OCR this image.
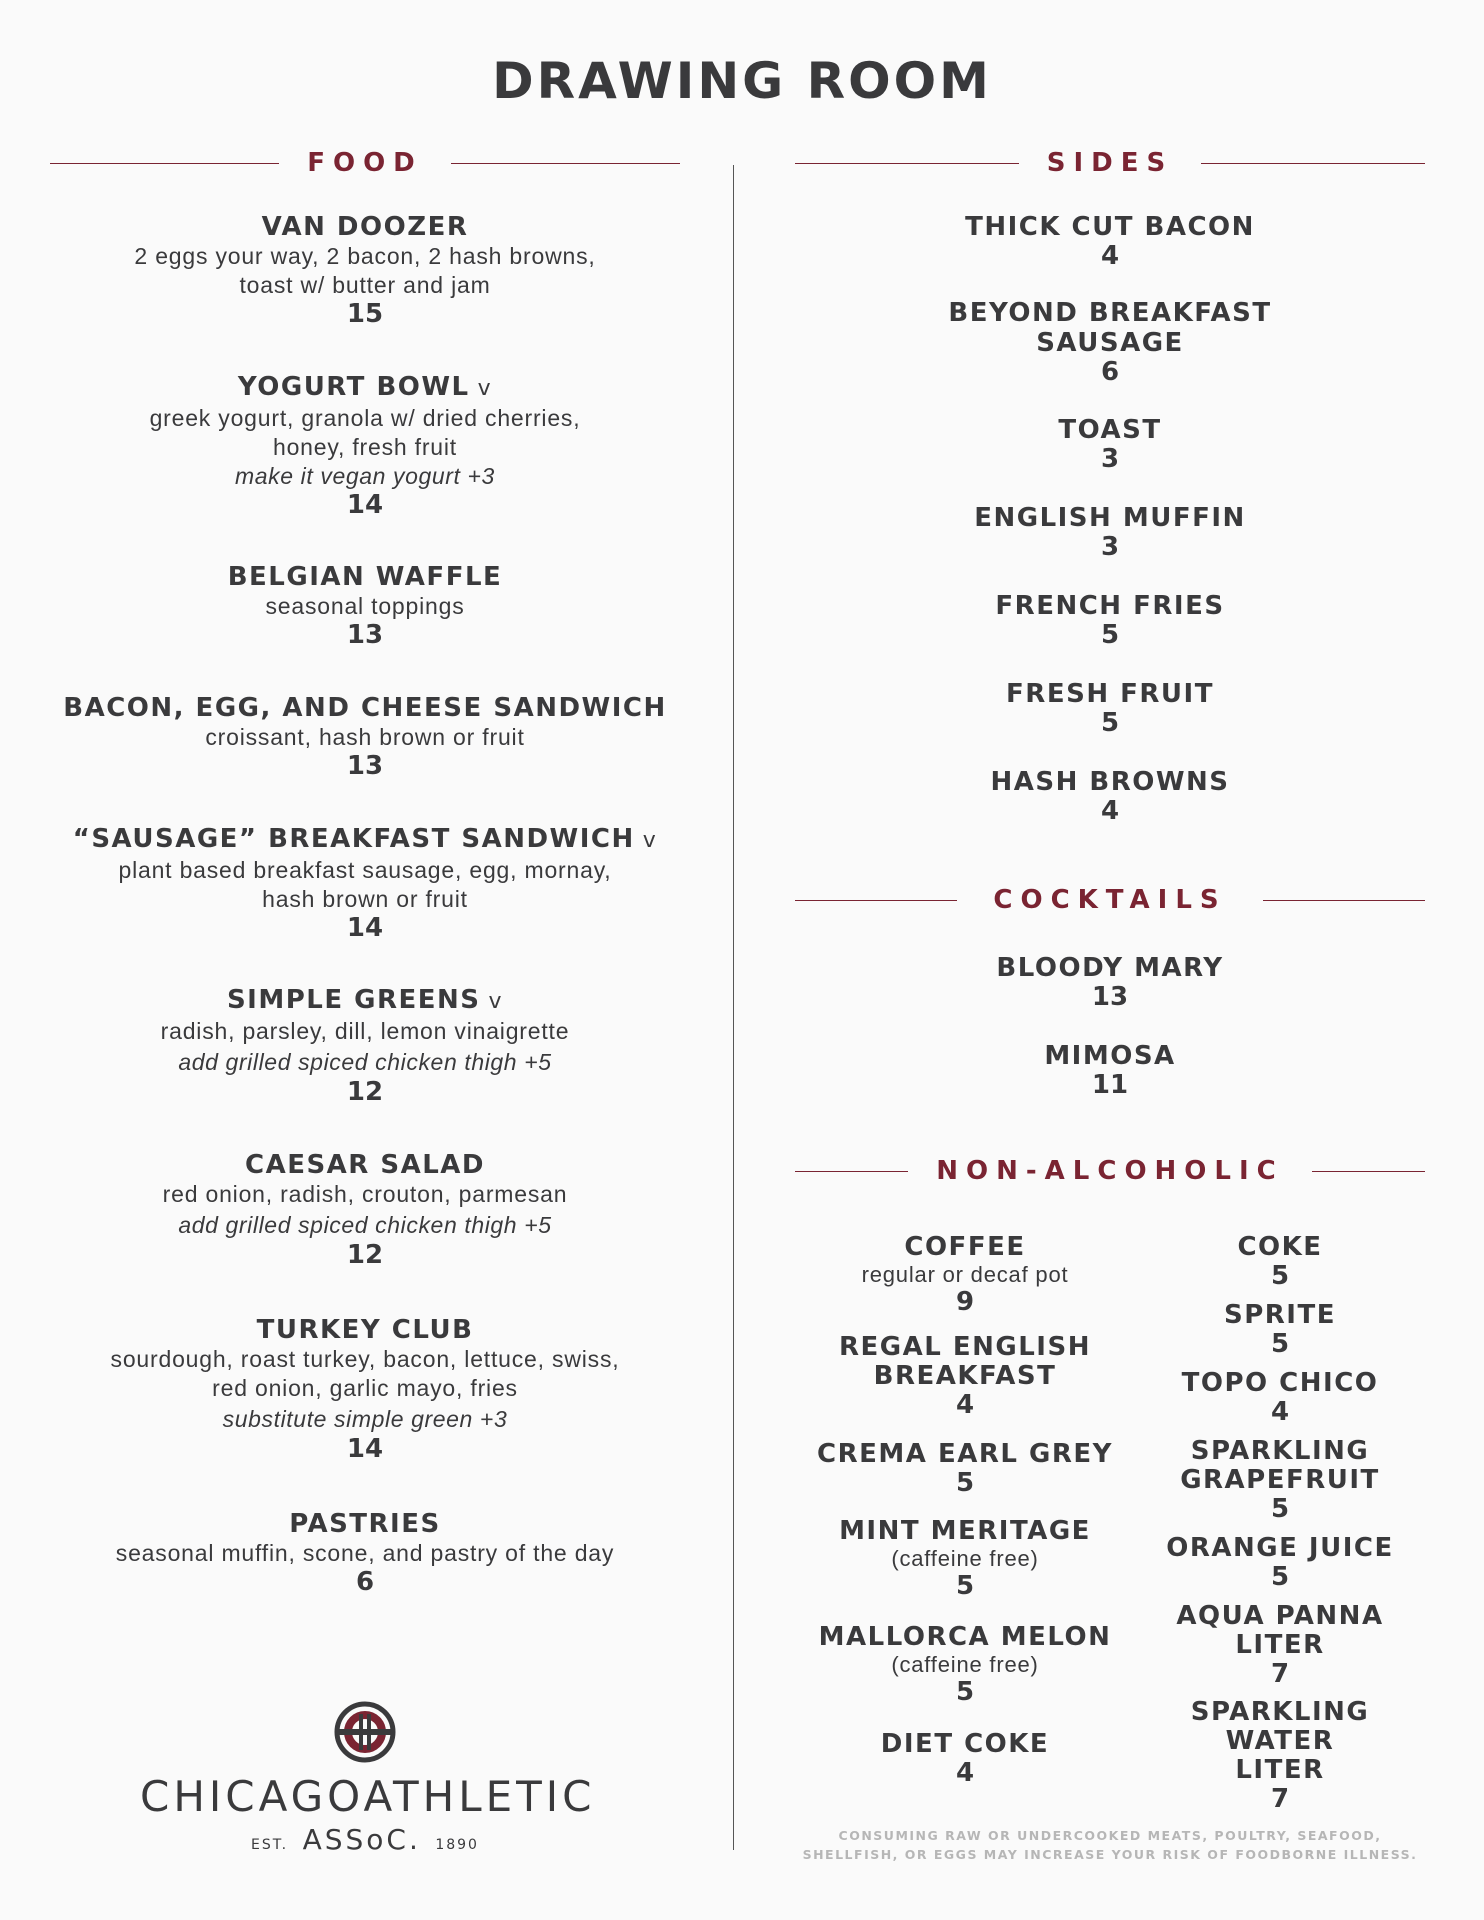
DRAWING ROOM
FOOD
VAN DOOZER
2 eggs your way, 2 bacon, 2 hash browns,
toast w/ butter and jam
15
YOGURT BOWL v
greek yogurt, granola w/ dried cherries,
honey, fresh fruit
make it vegan yogurt +3
14
BELGIAN WAFFLE
seasonal toppings
13
BACON, EGG, AND CHEESE SANDWICH
croissant, hash brown or fruit
13
“SAUSAGE” BREAKFAST SANDWICH v
plant based breakfast sausage, egg, mornay,
hash brown or fruit
14
SIMPLE GREENS v
radish, parsley, dill, lemon vinaigrette
add grilled spiced chicken thigh +5
12
CAESAR SALAD
red onion, radish, crouton, parmesan
add grilled spiced chicken thigh +5
12
TURKEY CLUB
sourdough, roast turkey, bacon, lettuce, swiss,
red onion, garlic mayo, fries
substitute simple green +3
14
PASTRIES
seasonal muffin, scone, and pastry of the day
6
CHICAGOATHLETIC
EST. ASSoC. 1890
SIDES
THICK CUT BACON
4
BEYOND BREAKFAST
SAUSAGE
6
TOAST
3
ENGLISH MUFFIN
3
FRENCH FRIES
5
FRESH FRUIT
5
HASH BROWNS
4
COCKTAILS
BLOODY MARY
13
MIMOSA
11
NON-ALCOHOLIC
COFFEE
regular or decaf pot
9
REGAL ENGLISH
BREAKFAST
4
CREMA EARL GREY
5
MINT MERITAGE
(caffeine free)
5
MALLORCA MELON
(caffeine free)
5
DIET COKE
4
COKE
5
SPRITE
5
TOPO CHICO
4
SPARKLING
GRAPEFRUIT
5
ORANGE JUICE
5
AQUA PANNA
LITER
7
SPARKLING WATER
LITER
7
CONSUMING RAW OR UNDERCOOKED MEATS, POULTRY, SEAFOOD,
SHELLFISH, OR EGGS MAY INCREASE YOUR RISK OF FOODBORNE ILLNESS.
